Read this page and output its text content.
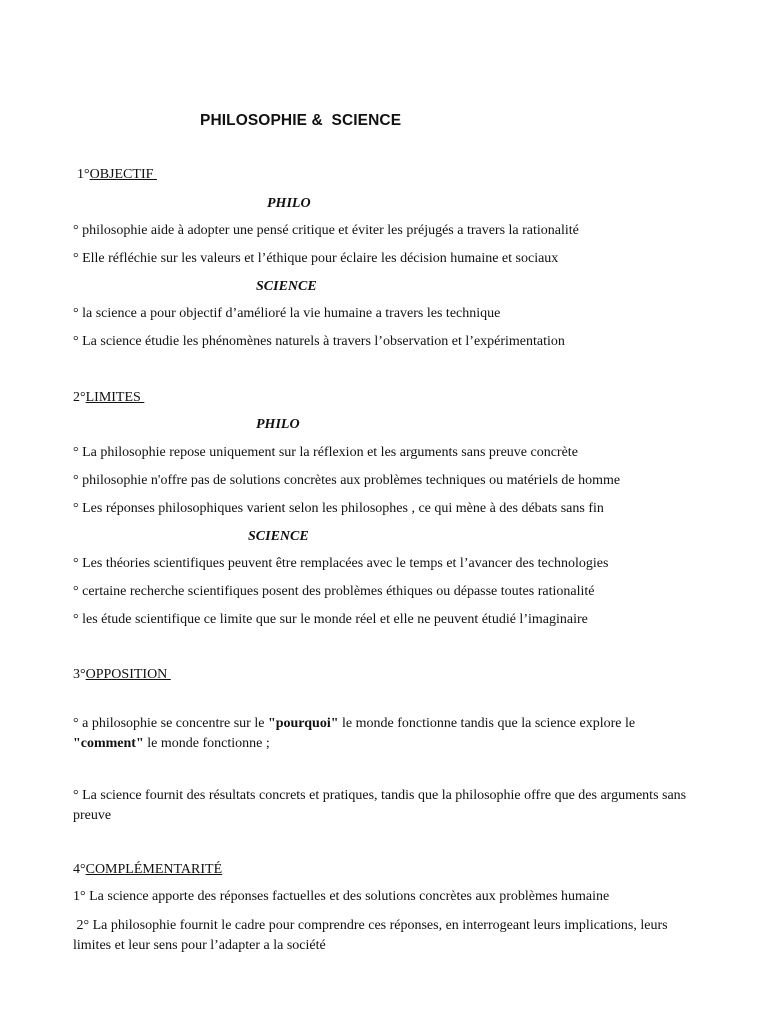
PHILOSOPHIE &  SCIENCE
1°OBJECTIF
PHILO
° philosophie aide à adopter une pensé critique et éviter les préjugés a travers la rationalité
° Elle réfléchie sur les valeurs et l’éthique pour éclaire les décision humaine et sociaux
SCIENCE
° la science a pour objectif d’amélioré la vie humaine a travers les technique
° La science étudie les phénomènes naturels à travers l’observation et l’expérimentation
2°LIMITES
PHILO
° La philosophie repose uniquement sur la réflexion et les arguments sans preuve concrète
° philosophie n'offre pas de solutions concrètes aux problèmes techniques ou matériels de homme
° Les réponses philosophiques varient selon les philosophes , ce qui mène à des débats sans fin
SCIENCE
° Les théories scientifiques peuvent être remplacées avec le temps et l’avancer des technologies
° certaine recherche scientifiques posent des problèmes éthiques ou dépasse toutes rationalité
° les étude scientifique ce limite que sur le monde réel et elle ne peuvent étudié l’imaginaire
3°OPPOSITION
° a philosophie se concentre sur le "pourquoi" le monde fonctionne tandis que la science explore le "comment" le monde fonctionne ;
° La science fournit des résultats concrets et pratiques, tandis que la philosophie offre que des arguments sans preuve
4°COMPLÉMENTARITÉ
1° La science apporte des réponses factuelles et des solutions concrètes aux problèmes humaine
2° La philosophie fournit le cadre pour comprendre ces réponses, en interrogeant leurs implications, leurs limites et leur sens pour l’adapter a la société
